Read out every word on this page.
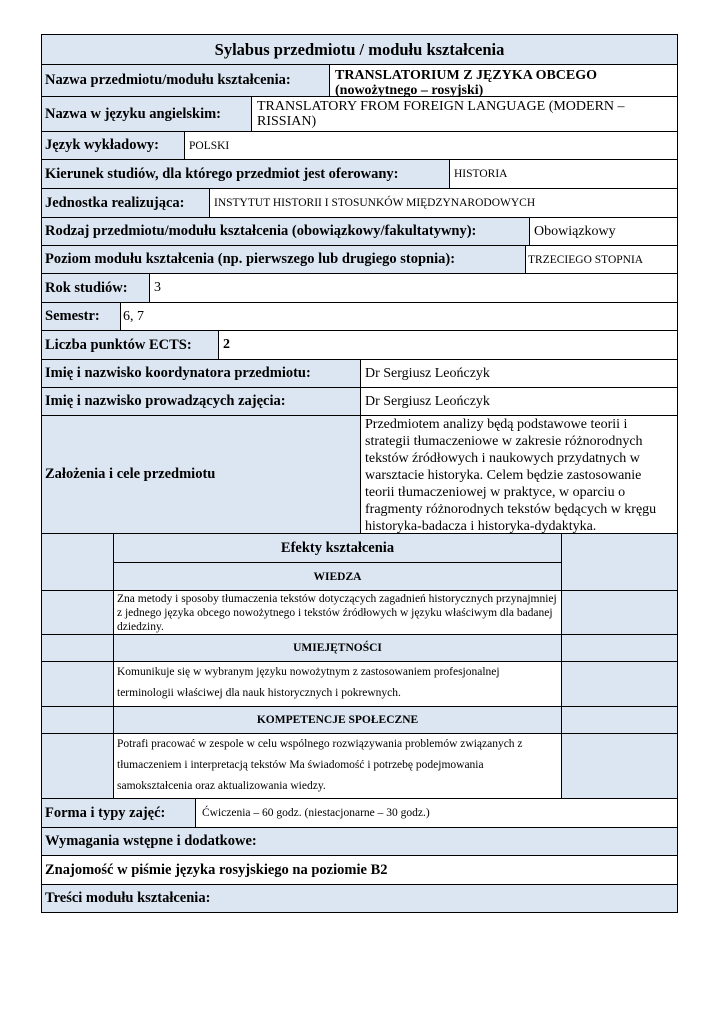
Sylabus przedmiotu / modułu kształcenia
Nazwa przedmiotu/modułu kształcenia:	TRANSLATORIUM Z JĘZYKA OBCEGO (nowożytnego – rosyjski)
Nazwa w języku angielskim:	TRANSLATORY FROM FOREIGN LANGUAGE (MODERN – RISSIAN)
Język wykładowy:	POLSKI
Kierunek studiów, dla którego przedmiot jest oferowany:	HISTORIA
Jednostka realizująca:	INSTYTUT HISTORII I STOSUNKÓW MIĘDZYNARODOWYCH
Rodzaj przedmiotu/modułu kształcenia (obowiązkowy/fakultatywny):	Obowiązkowy
Poziom modułu kształcenia (np. pierwszego lub drugiego stopnia):	TRZECIEGO STOPNIA
Rok studiów:	3
Semestr:	6, 7
Liczba punktów ECTS:	2
Imię i nazwisko koordynatora przedmiotu:	Dr Sergiusz Leończyk
Imię i nazwisko prowadzących zajęcia:	Dr Sergiusz Leończyk
Założenia i cele przedmiotu
Przedmiotem analizy będą podstawowe teorii i strategii tłumaczeniowe w zakresie różnorodnych tekstów źródłowych i naukowych przydatnych w warsztacie historyka. Celem będzie zastosowanie teorii tłumaczeniowej w praktyce, w oparciu o fragmenty różnorodnych tekstów będących w kręgu historyka-badacza i historyka-dydaktyka.
Efekty kształcenia
WIEDZA
Zna metody i sposoby tłumaczenia tekstów dotyczących zagadnień historycznych przynajmniej z jednego języka obcego nowożytnego i tekstów źródłowych w języku właściwym dla badanej dziedziny.
UMIEJĘTNOŚCI
Komunikuje się w wybranym języku nowożytnym z zastosowaniem profesjonalnej terminologii właściwej dla nauk historycznych i pokrewnych.
KOMPETENCJE SPOŁECZNE
Potrafi pracować w zespole w celu wspólnego rozwiązywania problemów związanych z tłumaczeniem i interpretacją tekstów Ma świadomość i potrzebę podejmowania samokształcenia oraz aktualizowania wiedzy.
Forma i typy zajęć:	Ćwiczenia – 60 godz. (niestacjonarne – 30 godz.)
Wymagania wstępne i dodatkowe:
Znajomość w piśmie języka rosyjskiego na poziomie B2
Treści modułu kształcenia:
